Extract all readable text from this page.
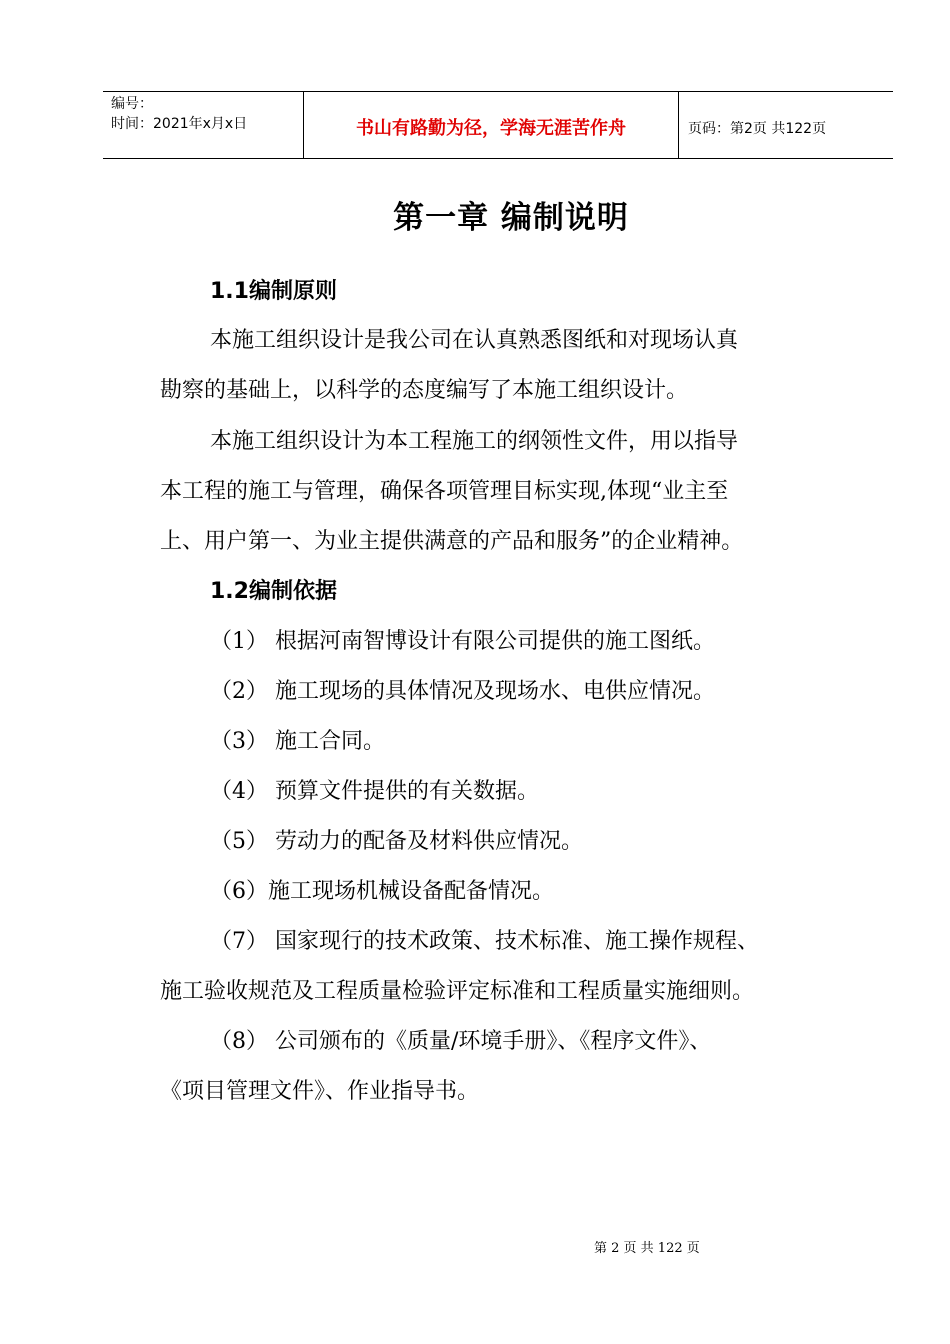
编号：
时间：2021年x月x日	书山有路勤为径，学海无涯苦作舟	页码：第2页 共122页
第一章 编制说明
1.1编制原则
本施工组织设计是我公司在认真熟悉图纸和对现场认真
勘察的基础上，以科学的态度编写了本施工组织设计。
本施工组织设计为本工程施工的纲领性文件，用以指导
本工程的施工与管理，确保各项管理目标实现,体现“业主至
上、用户第一、为业主提供满意的产品和服务”的企业精神。
1.2编制依据
（1） 根据河南智博设计有限公司提供的施工图纸。
（2） 施工现场的具体情况及现场水、电供应情况。
（3） 施工合同。
（4） 预算文件提供的有关数据。
（5） 劳动力的配备及材料供应情况。
（6）施工现场机械设备配备情况。
（7） 国家现行的技术政策、技术标准、施工操作规程、
施工验收规范及工程质量检验评定标准和工程质量实施细则。
（8） 公司颁布的《质量/环境手册》、《程序文件》、
《项目管理文件》、作业指导书。
第 2 页 共 122 页
